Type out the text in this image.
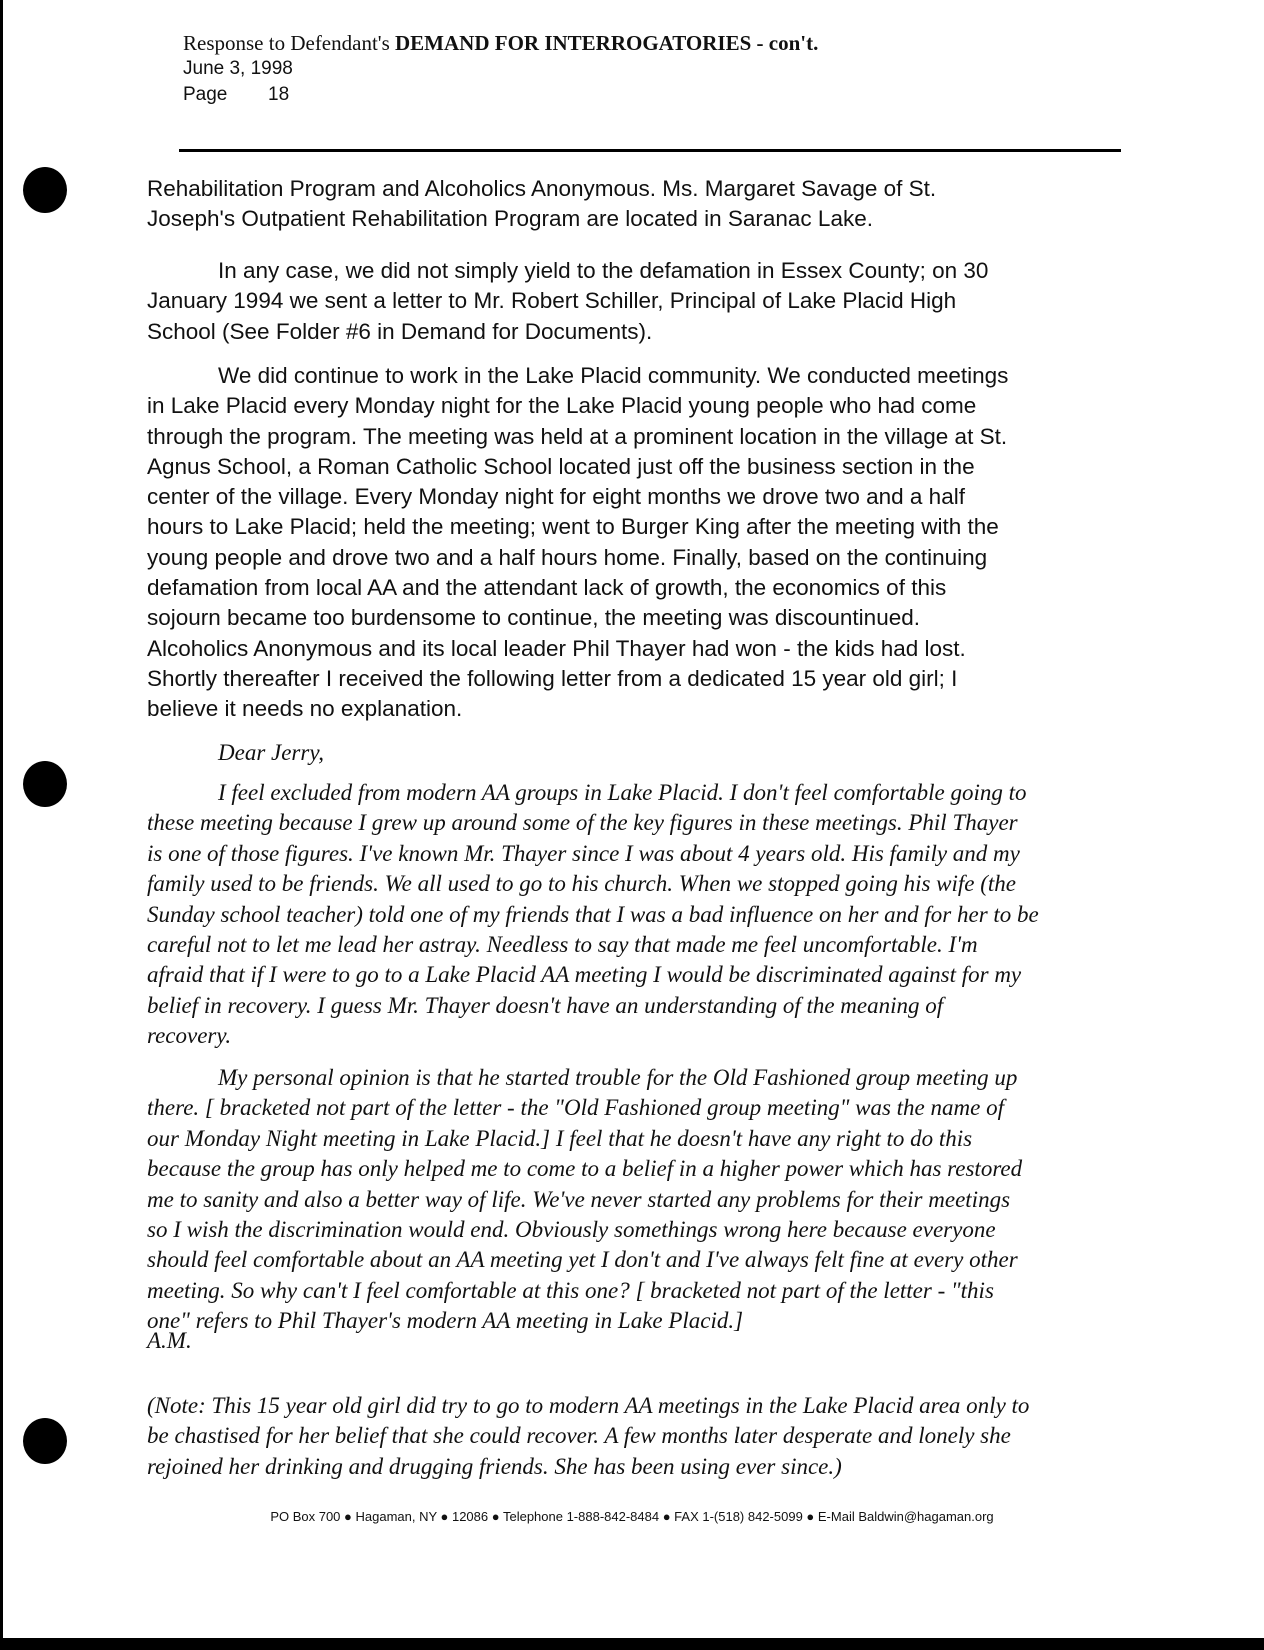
Response to Defendant's DEMAND FOR INTERROGATORIES - con't.
June 3, 1998
Page 18
Rehabilitation Program and Alcoholics Anonymous. Ms. Margaret Savage of St.
Joseph's Outpatient Rehabilitation Program are located in Saranac Lake.
In any case, we did not simply yield to the defamation in Essex County; on 30
January 1994 we sent a letter to Mr. Robert Schiller, Principal of Lake Placid High
School (See Folder #6 in Demand for Documents).
We did continue to work in the Lake Placid community. We conducted meetings
in Lake Placid every Monday night for the Lake Placid young people who had come
through the program. The meeting was held at a prominent location in the village at St.
Agnus School, a Roman Catholic School located just off the business section in the
center of the village. Every Monday night for eight months we drove two and a half
hours to Lake Placid; held the meeting; went to Burger King after the meeting with the
young people and drove two and a half hours home. Finally, based on the continuing
defamation from local AA and the attendant lack of growth, the economics of this
sojourn became too burdensome to continue, the meeting was discountinued.
Alcoholics Anonymous and its local leader Phil Thayer had won - the kids had lost.
Shortly thereafter I received the following letter from a dedicated 15 year old girl; I
believe it needs no explanation.
Dear Jerry,
I feel excluded from modern AA groups in Lake Placid. I don't feel comfortable going to
these meeting because I grew up around some of the key figures in these meetings. Phil Thayer
is one of those figures. I've known Mr. Thayer since I was about 4 years old. His family and my
family used to be friends. We all used to go to his church. When we stopped going his wife (the
Sunday school teacher) told one of my friends that I was a bad influence on her and for her to be
careful not to let me lead her astray. Needless to say that made me feel uncomfortable. I'm
afraid that if I were to go to a Lake Placid AA meeting I would be discriminated against for my
belief in recovery. I guess Mr. Thayer doesn't have an understanding of the meaning of
recovery.
My personal opinion is that he started trouble for the Old Fashioned group meeting up
there. [ bracketed not part of the letter - the "Old Fashioned group meeting" was the name of
our Monday Night meeting in Lake Placid.] I feel that he doesn't have any right to do this
because the group has only helped me to come to a belief in a higher power which has restored
me to sanity and also a better way of life. We've never started any problems for their meetings
so I wish the discrimination would end. Obviously somethings wrong here because everyone
should feel comfortable about an AA meeting yet I don't and I've always felt fine at every other
meeting. So why can't I feel comfortable at this one? [ bracketed not part of the letter - "this
one" refers to Phil Thayer's modern AA meeting in Lake Placid.]
A.M.
(Note: This 15 year old girl did try to go to modern AA meetings in the Lake Placid area only to
be chastised for her belief that she could recover. A few months later desperate and lonely she
rejoined her drinking and drugging friends. She has been using ever since.)
PO Box 700 ● Hagaman, NY ● 12086 ● Telephone 1-888-842-8484 ● FAX 1-(518) 842-5099 ● E-Mail Baldwin@hagaman.org
